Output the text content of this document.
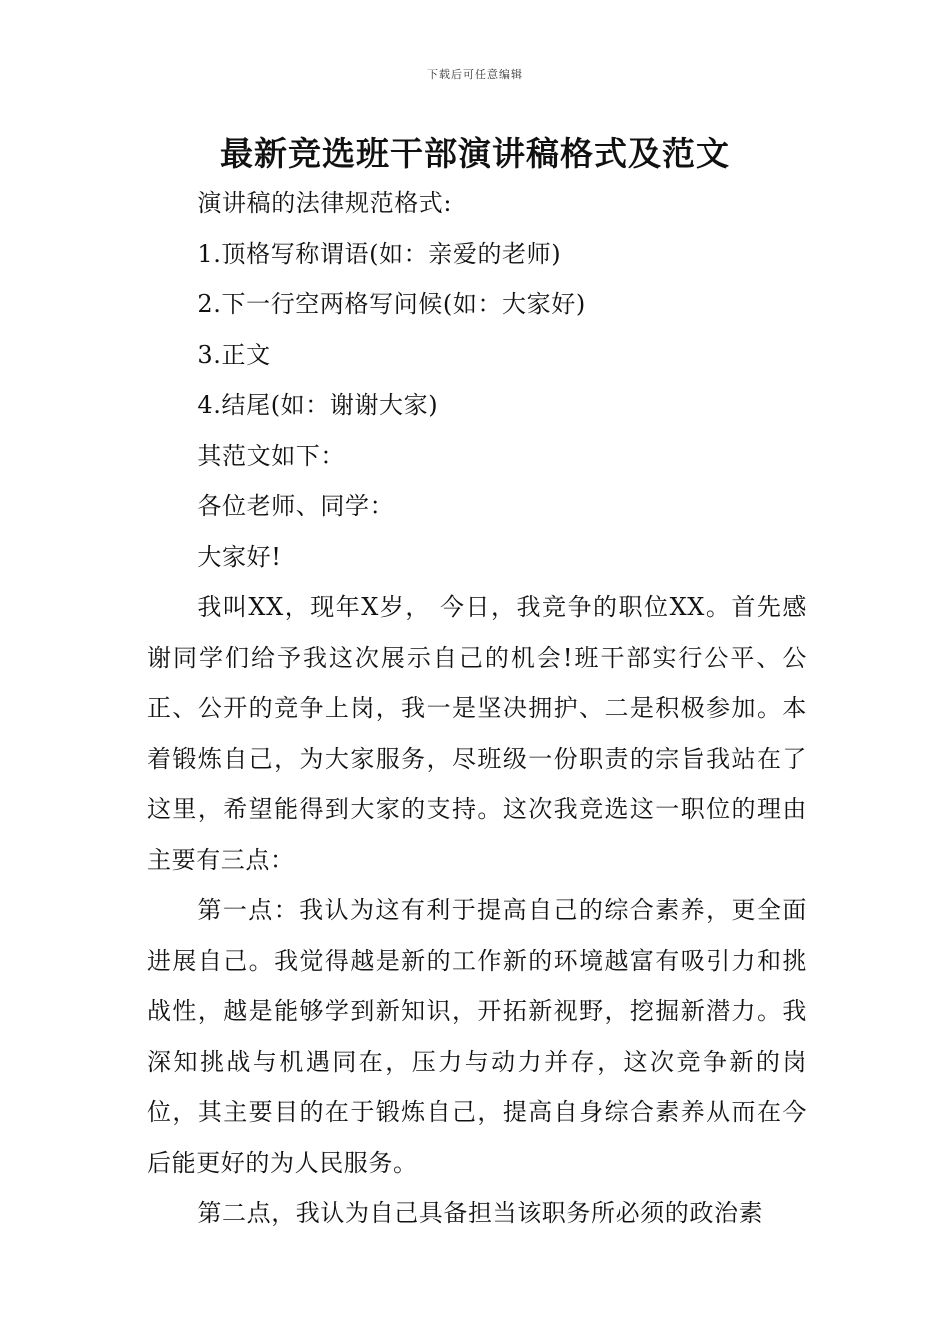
下载后可任意编辑
最新竞选班干部演讲稿格式及范文

演讲稿的法律规范格式:

1.顶格写称谓语(如：亲爱的老师)

2.下一行空两格写问候(如：大家好)

3.正文

4.结尾(如：谢谢大家)

其范文如下：

各位老师、同学：

大家好!

我叫XX，现年X岁， 今日，我竞争的职位XX。首先感谢同学们给予我这次展示自己的机会!班干部实行公平、公正、公开的竞争上岗，我一是坚决拥护、二是积极参加。本着锻炼自己，为大家服务，尽班级一份职责的宗旨我站在了这里，希望能得到大家的支持。这次我竞选这一职位的理由主要有三点：

第一点：我认为这有利于提高自己的综合素养，更全面进展自己。我觉得越是新的工作新的环境越富有吸引力和挑战性，越是能够学到新知识，开拓新视野，挖掘新潜力。我深知挑战与机遇同在，压力与动力并存，这次竞争新的岗位，其主要目的在于锻炼自己，提高自身综合素养从而在今后能更好的为人民服务。

第二点，我认为自己具备担当该职务所必须的政治素
